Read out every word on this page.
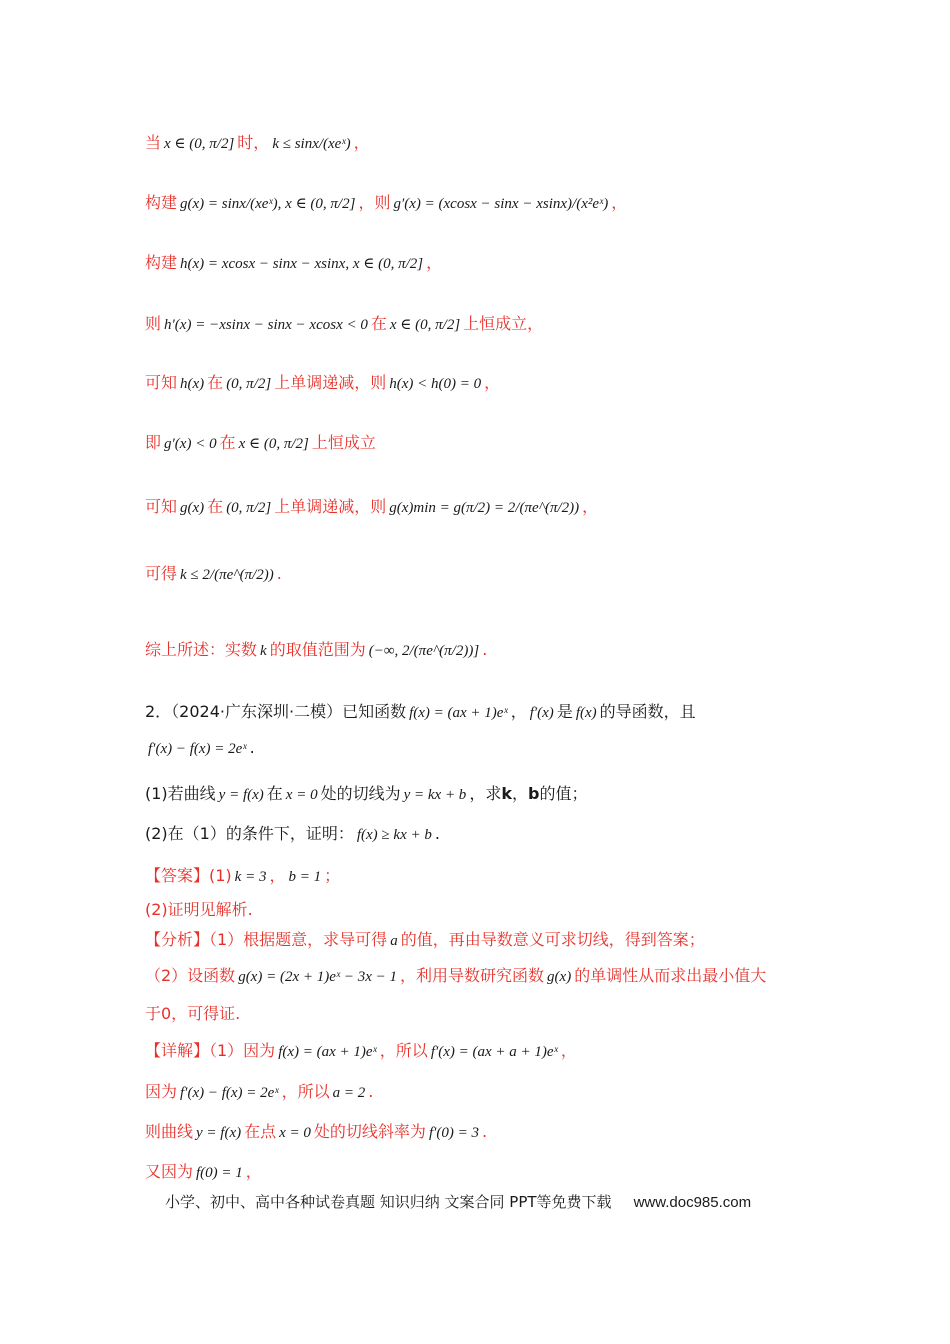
当 x ∈ (0, π/2] 时， k ≤ sinx/(xeˣ) ，
构建 g(x) = sinx/(xeˣ), x ∈ (0, π/2] ，则 g′(x) = (xcosx − sinx − xsinx)/(x²eˣ) ，
构建 h(x) = xcosx − sinx − xsinx, x ∈ (0, π/2] ，
则 h′(x) = −xsinx − sinx − xcosx < 0 在 x ∈ (0, π/2] 上恒成立，
可知 h(x) 在 (0, π/2] 上单调递减，则 h(x) < h(0) = 0 ，
即 g′(x) < 0 在 x ∈ (0, π/2] 上恒成立
可知 g(x) 在 (0, π/2] 上单调递减，则 g(x)min = g(π/2) = 2/(πe^(π/2)) ，
可得 k ≤ 2/(πe^(π/2)) .
综上所述：实数 k 的取值范围为 (−∞, 2/(πe^(π/2))] .
2．（2024·广东深圳·二模）已知函数 f(x) = (ax + 1)eˣ ， f′(x) 是 f(x) 的导函数，且
f′(x) − f(x) = 2eˣ .
(1)若曲线 y = f(x) 在 x = 0 处的切线为 y = kx + b ，求k，b的值；
(2)在（1）的条件下，证明： f(x) ≥ kx + b .
【答案】(1) k = 3 ， b = 1 ；
(2)证明见解析.
【分析】（1）根据题意，求导可得 a 的值，再由导数意义可求切线，得到答案；
（2）设函数 g(x) = (2x + 1)eˣ − 3x − 1 ，利用导数研究函数 g(x) 的单调性从而求出最小值大
于0，可得证.
【详解】（1）因为 f(x) = (ax + 1)eˣ ，所以 f′(x) = (ax + a + 1)eˣ ，
因为 f′(x) − f(x) = 2eˣ ，所以 a = 2 .
则曲线 y = f(x) 在点 x = 0 处的切线斜率为 f′(0) = 3 .
又因为 f(0) = 1 ，
小学、初中、高中各种试卷真题 知识归纳 文案合同 PPT等免费下载 www.doc985.com
